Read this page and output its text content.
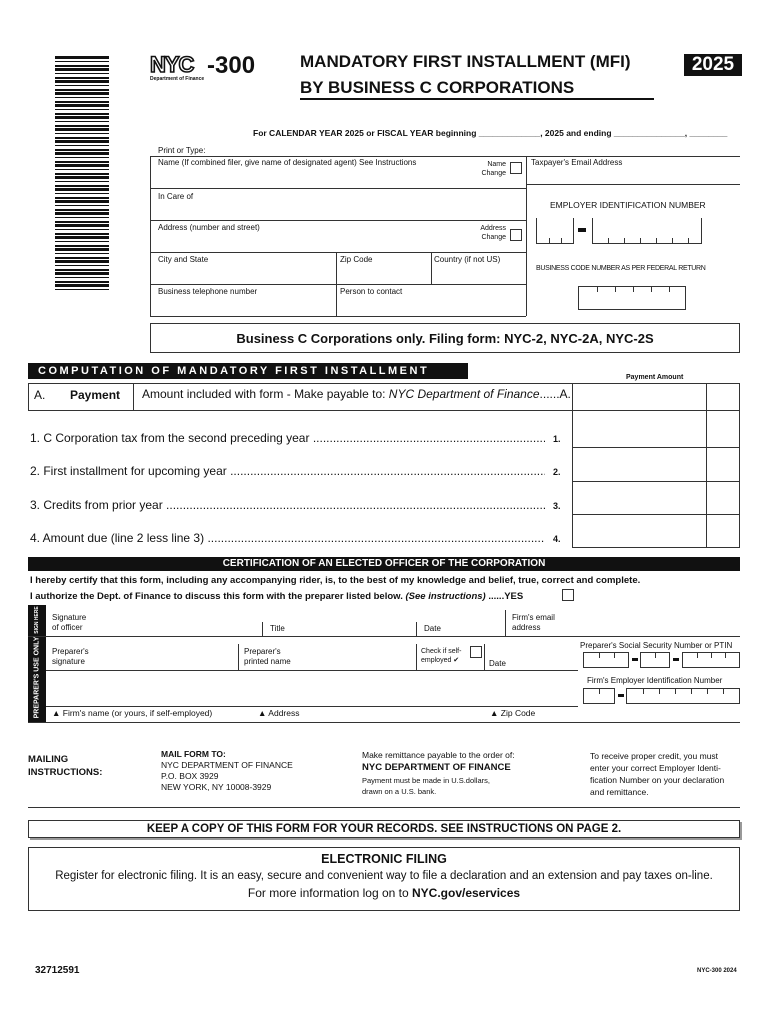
NYC
Department of Finance -300	MANDATORY FIRST INSTALLMENT (MFI)
BY BUSINESS C CORPORATIONS
2025
For CALENDAR YEAR 2025 or FISCAL YEAR beginning _____________, 2025 and ending _______________, ________
Print or Type:
Name (If combined filer, give name of designated agent) See Instructions	Name
Change
Taxpayer's Email Address
In Care of
EMPLOYER IDENTIFICATION NUMBER
Address (number and street)	Address
Change
City and State	Zip Code	Country (if not US)
BUSINESS CODE NUMBER AS PER FEDERAL RETURN
Business telephone number	Person to contact
Business C Corporations only. Filing form: NYC-2, NYC-2A, NYC-2S
COMPUTATION OF MANDATORY FIRST INSTALLMENT
Payment Amount
A. Payment Amount included with form - Make payable to: NYC Department of Finance......A.
1. C Corporation tax from the second preceding year .....	1.
2. First installment for upcoming year .....	2.
3. Credits from prior year .....	3.
4. Amount due (line 2 less line 3) .....	4.
CERTIFICATION OF AN ELECTED OFFICER OF THE CORPORATION
I hereby certify that this form, including any accompanying rider, is, to the best of my knowledge and belief, true, correct and complete.
I authorize the Dept. of Finance to discuss this form with the preparer listed below. (See instructions) ......YES
SIGN HERE Signature
of officer	Title	Date
Firm's email
address
PREPARER'S USE ONLY Preparer's
signature
Preparer's
printed name
Check if self-
employed ✔	Date
Preparer's Social Security Number or PTIN
Firm's Employer Identification Number
▲ Firm's name (or yours, if self-employed)	▲ Address	▲ Zip Code
MAILING
INSTRUCTIONS:
MAIL FORM TO:
NYC DEPARTMENT OF FINANCE
P.O. BOX 3929
NEW YORK, NY 10008-3929
Make remittance payable to the order of:
NYC DEPARTMENT OF FINANCE
Payment must be made in U.S.dollars,
drawn on a U.S. bank.
To receive proper credit, you must
enter your correct Employer Identi-
fication Number on your declaration
and remittance.
KEEP A COPY OF THIS FORM FOR YOUR RECORDS. SEE INSTRUCTIONS ON PAGE 2.
ELECTRONIC FILING
Register for electronic filing. It is an easy, secure and convenient way to file a declaration and an extension and pay taxes on-line.
For more information log on to NYC.gov/eservices
32712591	NYC-300 2024
